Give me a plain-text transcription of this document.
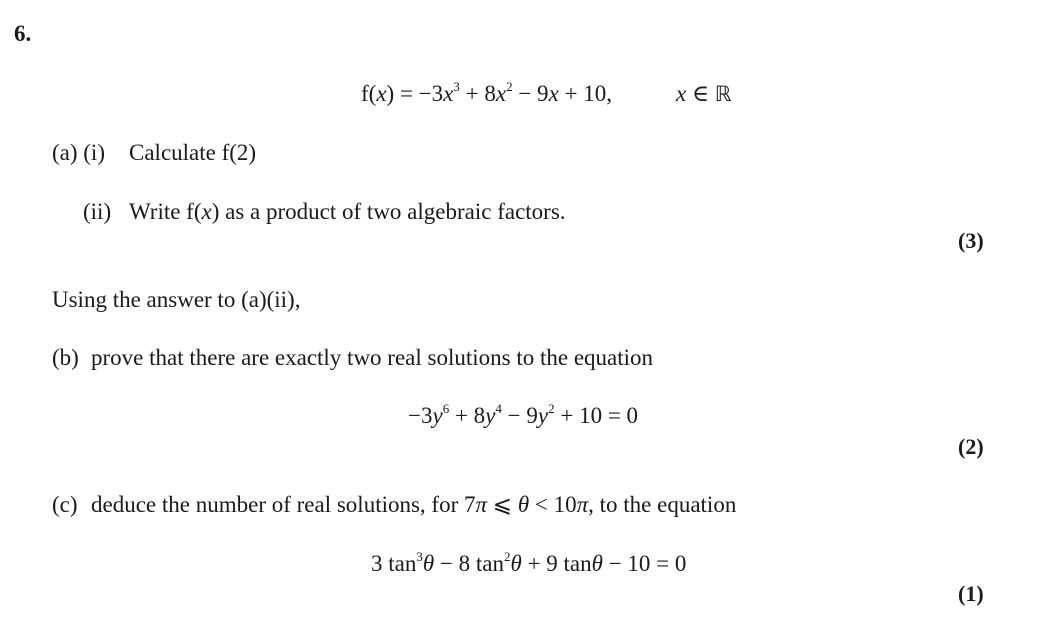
6.
$f(x) = -3x^3 + 8x^2 - 9x + 10$,	x ∈ ℝ
(a) (i) Calculate f(2)
(ii) Write f(x) as a product of two algebraic factors.
(3)
Using the answer to (a)(ii),
(b) prove that there are exactly two real solutions to the equation
$-3y^6 + 8y^4 - 9y^2 + 10 = 0$
(2)
(c) deduce the number of real solutions, for 7π ⩽ θ < 10π, to the equation
3 $\tan^3\theta - 8$ $\tan^2\theta + 9$ tanθ − 10 = 0
(1)
